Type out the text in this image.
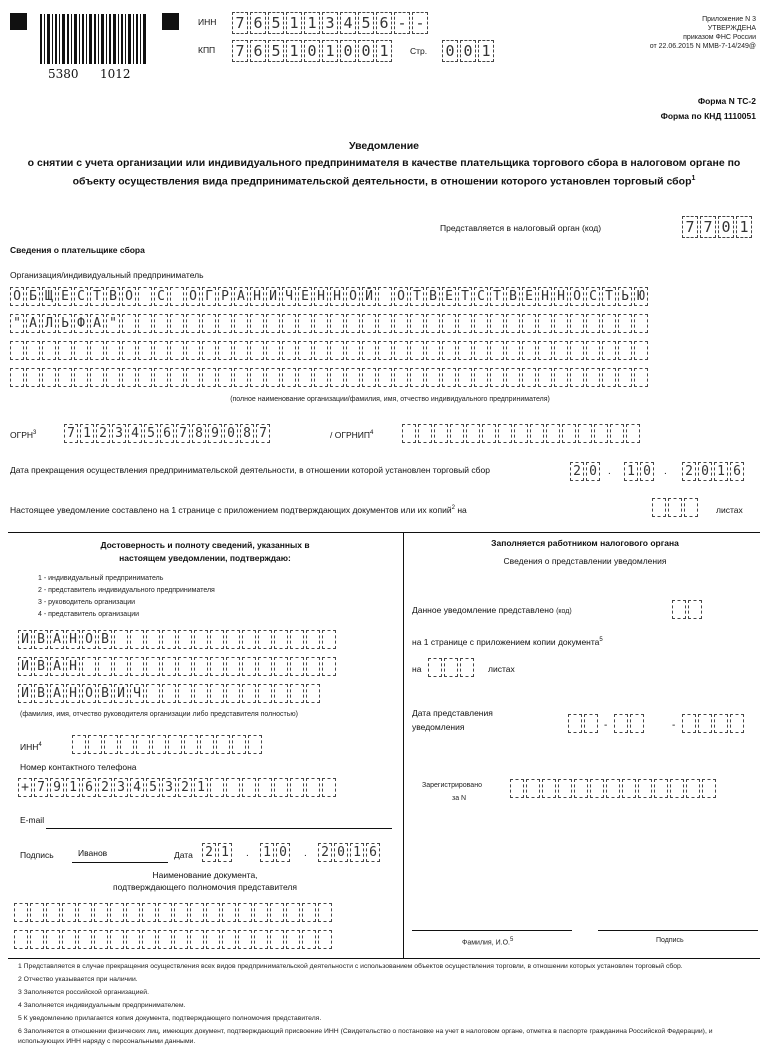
5380 1012
ИНН 7 6 5 1 1 3 4 5 6 - -
КПП 7 6 5 1 0 1 0 0 1	Стр. 0 0 1
Приложение N 3
УТВЕРЖДЕНА
приказом ФНС России
от 22.06.2015 N ММВ-7-14/249@
Форма N ТС-2
Форма по КНД 1110051
Уведомление
о снятии с учета организации или индивидуального предпринимателя в качестве плательщика торгового сбора в налоговом органе по объекту осуществления вида предпринимательской деятельности, в отношении которого установлен торговый сбор$^1$
Представляется в налоговый орган (код)	7 7 0 1
Сведения о плательщике сбора
Организация/индивидуальный предприниматель
О Б Щ Е С Т В О С О Г Р А Н И Ч Е Н Н О Й О Т В Е Т С Т В Е Н Н О С Т Ь Ю
" А Л Ь Ф А "
(полное наименование организации/фамилия, имя, отчество индивидуального предпринимателя)
ОГРН$^3$ 7 1 2 3 4 5 6 7 8 9 0 8 7	/ ОГРНИП$^4$
Дата прекращения осуществления предпринимательской деятельности, в отношении которой установлен торговый сбор	2 0	. 1 0	. 2 0 1 6
Настоящее уведомление составлено на 1 странице с приложением подтверждающих документов или их копий$^2$ на	листах
Достоверность и полноту сведений, указанных в
настоящем уведомлении, подтверждаю:
1 - индивидуальный предприниматель
2 - представитель индивидуального предпринимателя
3 - руководитель организации
4 - представитель организации
И В А Н О В
И В А Н
И В А Н О В И Ч
(фамилия, имя, отчество руководителя организации либо представителя полностью)
ИНН$^4$
Номер контактного телефона
+ 7 9 1 6 2 3 4 5 3 2 1
E-mail
Подпись	Иванов	Дата 2 1	. 1 0	. 2 0 1 6
Наименование документа,
подтверждающего полномочия представителя
Заполняется работником налогового органа
Сведения о представлении уведомления
Данное уведомление представлено (код)
на 1 странице с приложением копии документа$^5$
на	листах
Дата представления
уведомления	-	-
Зарегистрировано
за N
Фамилия, И.О.$^5$	Подпись
1 Представляется в случае прекращения осуществления всех видов предпринимательской деятельности с использованием объектов осуществления торговли, в отношении которых установлен торговый сбор.
2 Отчество указывается при наличии.
3 Заполняется российской организацией.
4 Заполняется индивидуальным предпринимателем.
5 К уведомлению прилагается копия документа, подтверждающего полномочия представителя.
6 Заполняется в отношении физических лиц, имеющих документ, подтверждающий присвоение ИНН (Свидетельство о постановке на учет в налоговом органе, отметка в паспорте гражданина Российской Федерации), и использующих ИНН наряду с персональными данными.
